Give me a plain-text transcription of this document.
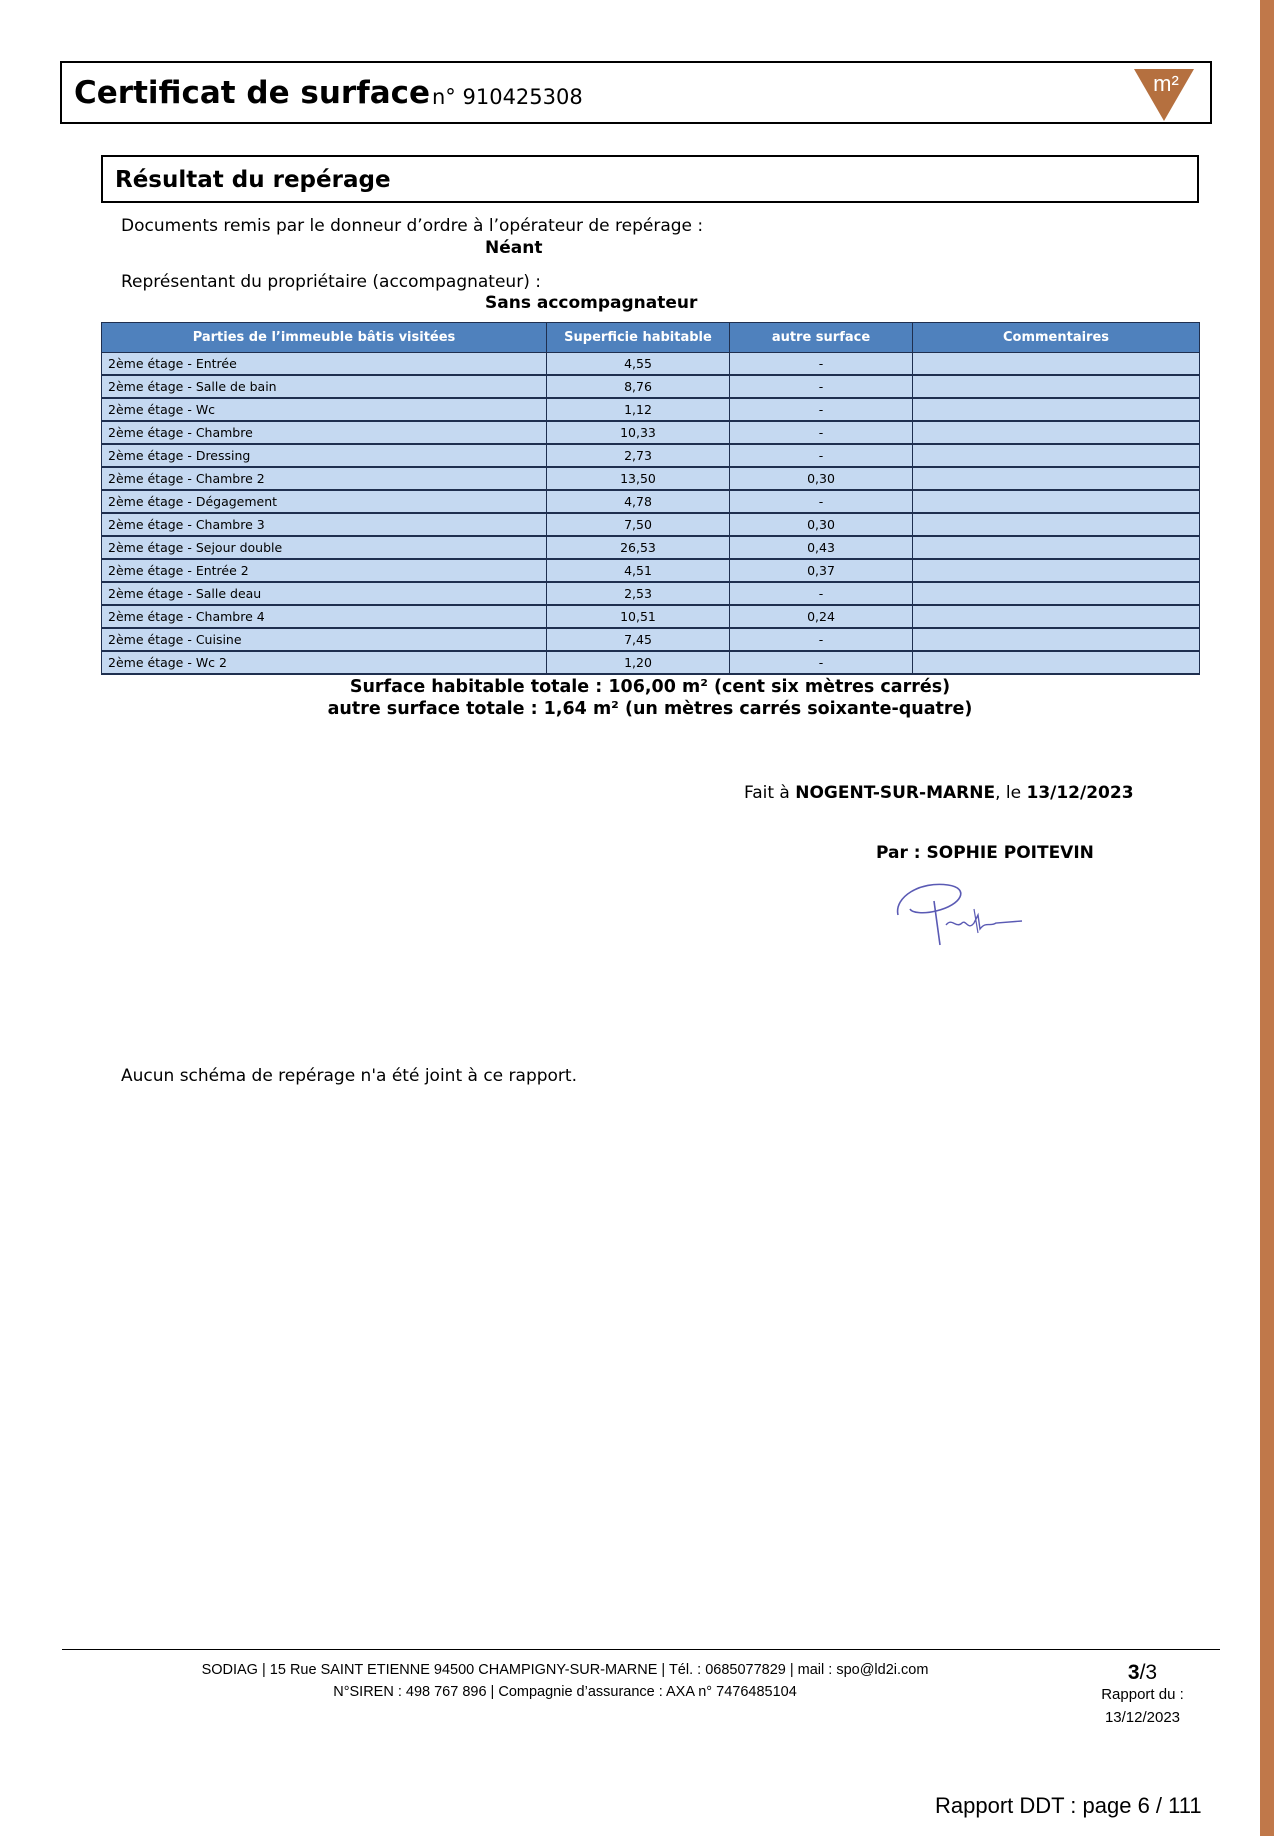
Certificat de surface n° 910425308
m²
Résultat du repérage
Documents remis par le donneur d’ordre à l’opérateur de repérage :
Néant
Représentant du propriétaire (accompagnateur) :
Sans accompagnateur
Parties de l’immeuble bâtis visitées	Superficie habitable	autre surface	Commentaires
2ème étage - Entrée	4,55	-	
2ème étage - Salle de bain	8,76	-	
2ème étage - Wc	1,12	-	
2ème étage - Chambre	10,33	-	
2ème étage - Dressing	2,73	-	
2ème étage - Chambre 2	13,50	0,30	
2ème étage - Dégagement	4,78	-	
2ème étage - Chambre 3	7,50	0,30	
2ème étage - Sejour double	26,53	0,43	
2ème étage - Entrée 2	4,51	0,37	
2ème étage - Salle deau	2,53	-	
2ème étage - Chambre 4	10,51	0,24	
2ème étage - Cuisine	7,45	-	
2ème étage - Wc 2	1,20	-	
Surface habitable totale : 106,00 m² (cent six mètres carrés)
autre surface totale : 1,64 m² (un mètres carrés soixante-quatre)
Fait à NOGENT-SUR-MARNE, le 13/12/2023
Par : SOPHIE POITEVIN
Aucun schéma de repérage n'a été joint à ce rapport.
SODIAG | 15 Rue SAINT ETIENNE 94500 CHAMPIGNY-SUR-MARNE | Tél. : 0685077829 | mail : spo@ld2i.com
N°SIREN : 498 767 896 | Compagnie d’assurance : AXA n° 7476485104
3/3
Rapport du :
13/12/2023
Rapport DDT : page 6 / 111
